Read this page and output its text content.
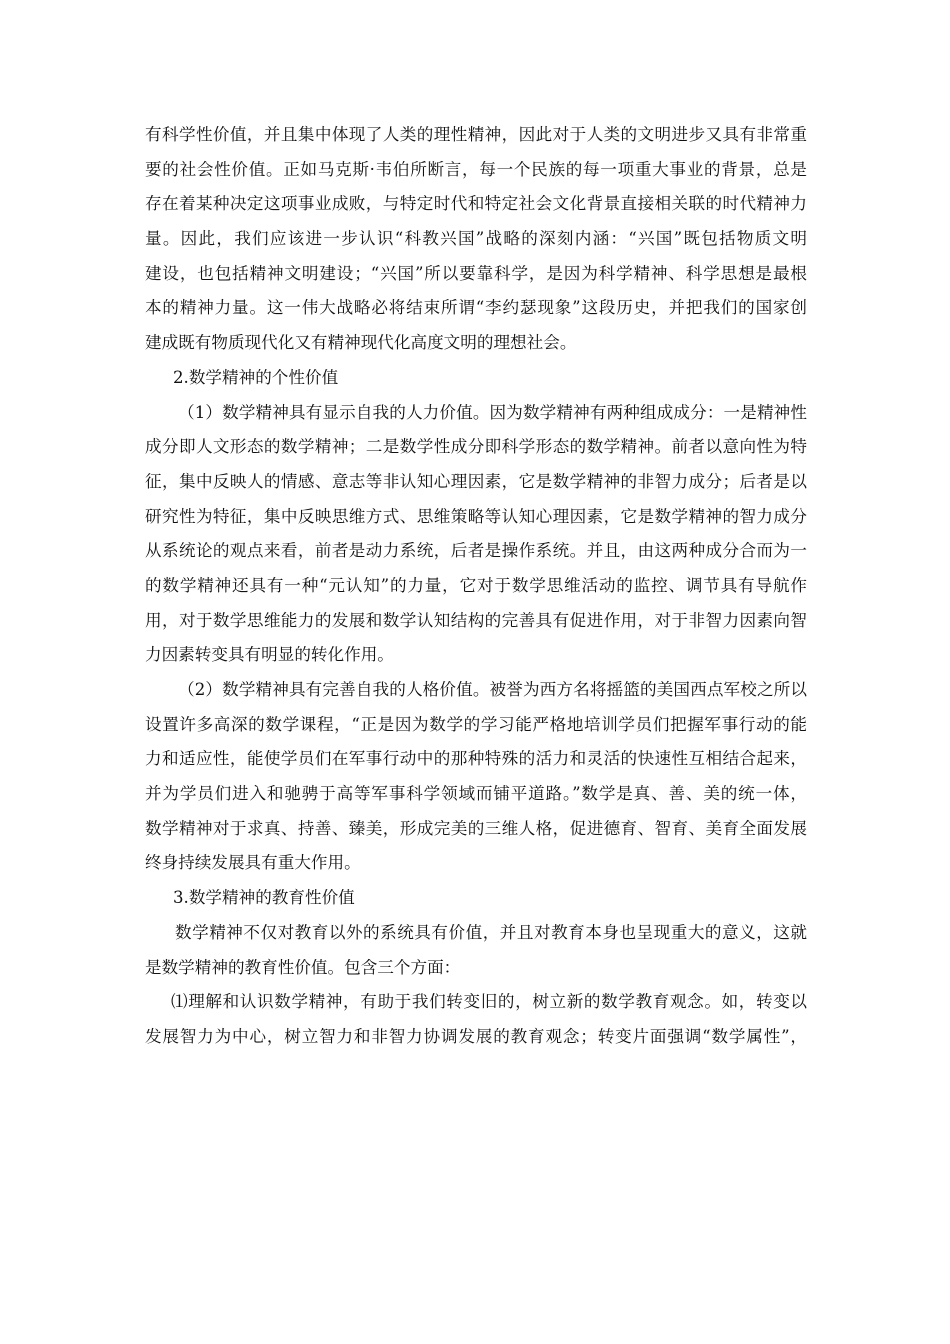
有科学性价值，并且集中体现了人类的理性精神，因此对于人类的文明进步又具有非常重
要的社会性价值。正如马克斯·韦伯所断言，每一个民族的每一项重大事业的背景，总是
存在着某种决定这项事业成败，与特定时代和特定社会文化背景直接相关联的时代精神力
量。因此，我们应该进一步认识“科教兴国”战略的深刻内涵：“兴国”既包括物质文明
建设，也包括精神文明建设；“兴国”所以要靠科学，是因为科学精神、科学思想是最根
本的精神力量。这一伟大战略必将结束所谓“李约瑟现象”这段历史，并把我们的国家创
建成既有物质现代化又有精神现代化高度文明的理想社会。
2.数学精神的个性价值
（1）数学精神具有显示自我的人力价值。因为数学精神有两种组成成分：一是精神性
成分即人文形态的数学精神；二是数学性成分即科学形态的数学精神。前者以意向性为特
征，集中反映人的情感、意志等非认知心理因素，它是数学精神的非智力成分；后者是以
研究性为特征，集中反映思维方式、思维策略等认知心理因素，它是数学精神的智力成分
从系统论的观点来看，前者是动力系统，后者是操作系统。并且，由这两种成分合而为一
的数学精神还具有一种“元认知”的力量，它对于数学思维活动的监控、调节具有导航作
用，对于数学思维能力的发展和数学认知结构的完善具有促进作用，对于非智力因素向智
力因素转变具有明显的转化作用。
（2）数学精神具有完善自我的人格价值。被誉为西方名将摇篮的美国西点军校之所以
设置许多高深的数学课程，“正是因为数学的学习能严格地培训学员们把握军事行动的能
力和适应性，能使学员们在军事行动中的那种特殊的活力和灵活的快速性互相结合起来，
并为学员们进入和驰骋于高等军事科学领域而铺平道路。”数学是真、善、美的统一体，
数学精神对于求真、持善、臻美，形成完美的三维人格，促进德育、智育、美育全面发展
终身持续发展具有重大作用。
3.数学精神的教育性价值
数学精神不仅对教育以外的系统具有价值，并且对教育本身也呈现重大的意义，这就
是数学精神的教育性价值。包含三个方面：
⑴理解和认识数学精神，有助于我们转变旧的，树立新的数学教育观念。如，转变以
发展智力为中心，树立智力和非智力协调发展的教育观念；转变片面强调“数学属性”，
